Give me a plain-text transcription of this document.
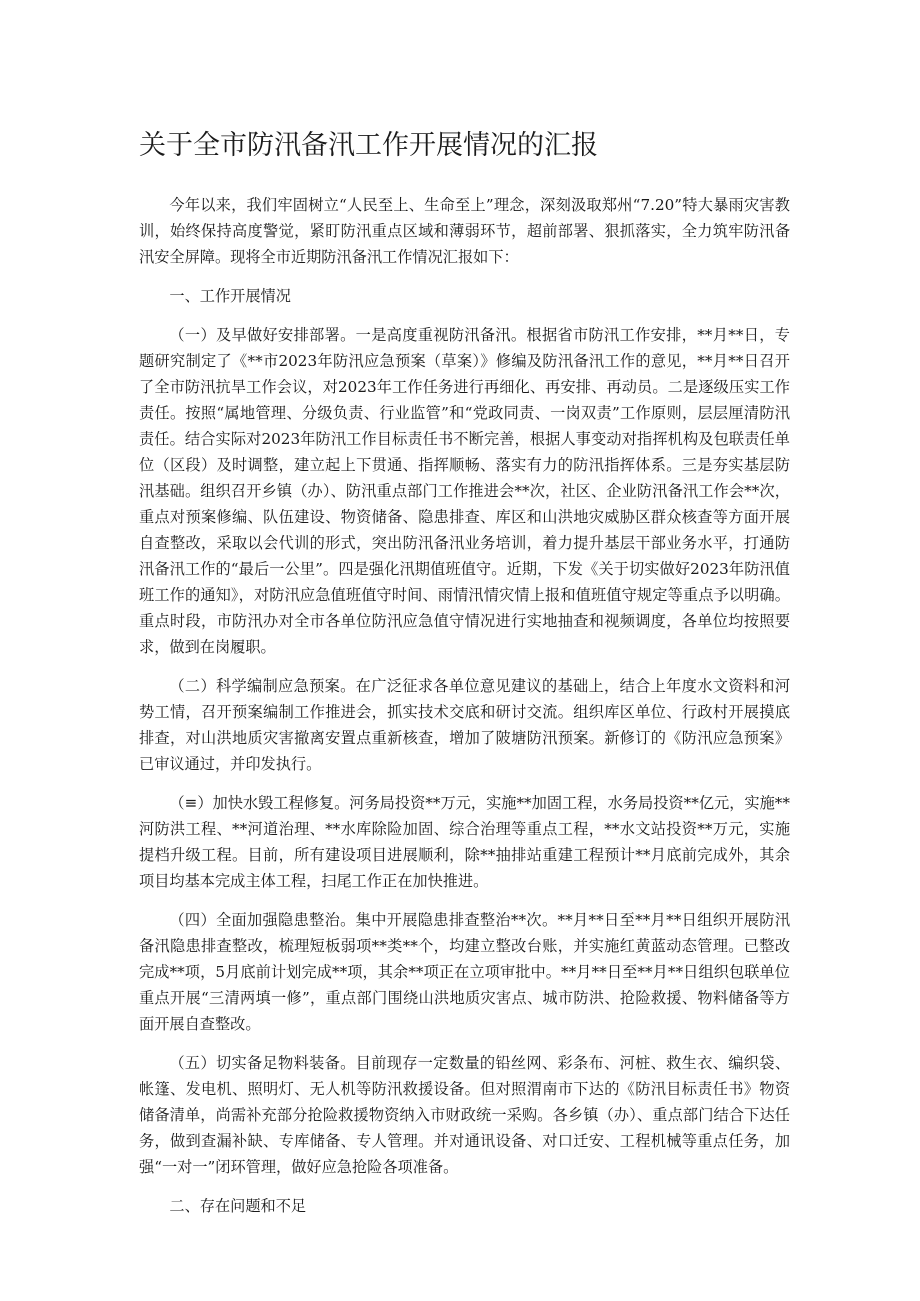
关于全市防汛备汛工作开展情况的汇报

今年以来，我们牢固树立“人民至上、生命至上”理念，深刻汲取郑州“7.20”特大暴雨灾害教训，始终保持高度警觉，紧盯防汛重点区域和薄弱环节，超前部署、狠抓落实，全力筑牢防汛备汛安全屏障。现将全市近期防汛备汛工作情况汇报如下：

一、工作开展情况

（一）及早做好安排部署。一是高度重视防汛备汛。根据省市防汛工作安排，**月**日，专题研究制定了《**市2023年防汛应急预案（草案）》修编及防汛备汛工作的意见，**月**日召开了全市防汛抗旱工作会议，对2023年工作任务进行再细化、再安排、再动员。二是逐级压实工作责任。按照“属地管理、分级负责、行业监管”和“党政同责、一岗双责”工作原则，层层厘清防汛责任。结合实际对2023年防汛工作目标责任书不断完善，根据人事变动对指挥机构及包联责任单位（区段）及时调整，建立起上下贯通、指挥顺畅、落实有力的防汛指挥体系。三是夯实基层防汛基础。组织召开乡镇（办）、防汛重点部门工作推进会**次，社区、企业防汛备汛工作会**次，重点对预案修编、队伍建设、物资储备、隐患排查、库区和山洪地灾威胁区群众核查等方面开展自查整改，采取以会代训的形式，突出防汛备汛业务培训，着力提升基层干部业务水平，打通防汛备汛工作的“最后一公里”。四是强化汛期值班值守。近期，下发《关于切实做好2023年防汛值班工作的通知》，对防汛应急值班值守时间、雨情汛情灾情上报和值班值守规定等重点予以明确。重点时段，市防汛办对全市各单位防汛应急值守情况进行实地抽查和视频调度，各单位均按照要求，做到在岗履职。

（二）科学编制应急预案。在广泛征求各单位意见建议的基础上，结合上年度水文资料和河势工情，召开预案编制工作推进会，抓实技术交底和研讨交流。组织库区单位、行政村开展摸底排查，对山洪地质灾害撤离安置点重新核查，增加了陂塘防汛预案。新修订的《防汛应急预案》已审议通过，并印发执行。

（≡）加快水毁工程修复。河务局投资**万元，实施**加固工程，水务局投资**亿元，实施**河防洪工程、**河道治理、**水库除险加固、综合治理等重点工程，**水文站投资**万元，实施提档升级工程。目前，所有建设项目进展顺利，除**抽排站重建工程预计**月底前完成外，其余项目均基本完成主体工程，扫尾工作正在加快推进。

（四）全面加强隐患整治。集中开展隐患排查整治**次。**月**日至**月**日组织开展防汛备汛隐患排查整改，梳理短板弱项**类**个，均建立整改台账，并实施红黄蓝动态管理。已整改完成**项，5月底前计划完成**项，其余**项正在立项审批中。**月**日至**月**日组织包联单位重点开展“三清两填一修”，重点部门围绕山洪地质灾害点、城市防洪、抢险救援、物料储备等方面开展自查整改。

（五）切实备足物料装备。目前现存一定数量的铅丝网、彩条布、河桩、救生衣、编织袋、帐篷、发电机、照明灯、无人机等防汛救援设备。但对照渭南市下达的《防汛目标责任书》物资储备清单，尚需补充部分抢险救援物资纳入市财政统一采购。各乡镇（办）、重点部门结合下达任务，做到查漏补缺、专库储备、专人管理。并对通讯设备、对口迁安、工程机械等重点任务，加强“一对一”闭环管理，做好应急抢险各项准备。

二、存在问题和不足
